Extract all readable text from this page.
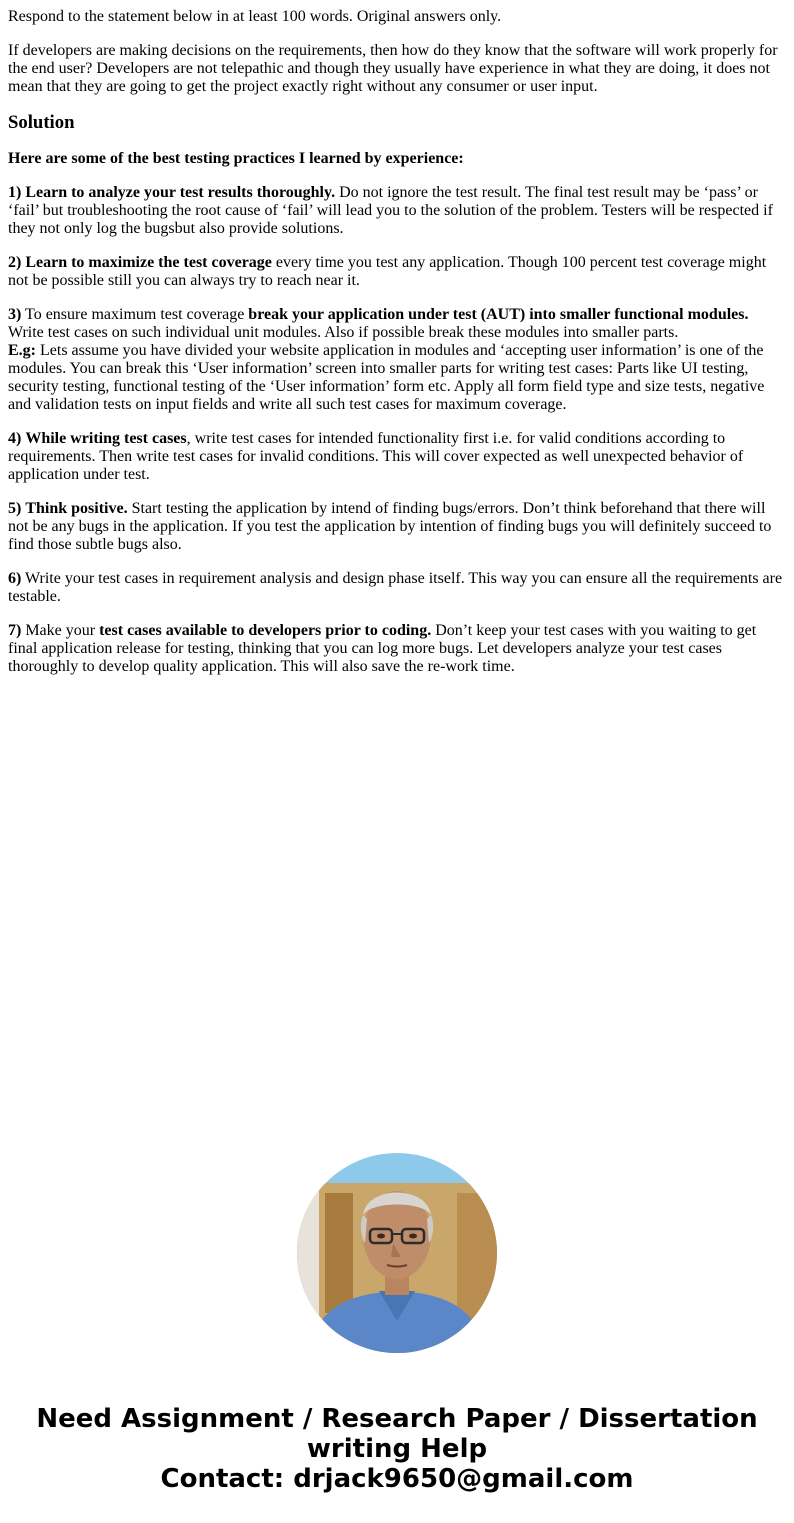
Respond to the statement below in at least 100 words. Original answers only.

If developers are making decisions on the requirements, then how do they know that the software will work properly for the end user? Developers are not telepathic and though they usually have experience in what they are doing, it does not mean that they are going to get the project exactly right without any consumer or user input.

Solution

Here are some of the best testing practices I learned by experience:

1) Learn to analyze your test results thoroughly. Do not ignore the test result. The final test result may be ‘pass’ or ‘fail’ but troubleshooting the root cause of ‘fail’ will lead you to the solution of the problem. Testers will be respected if they not only log the bugsbut also provide solutions.

2) Learn to maximize the test coverage every time you test any application. Though 100 percent test coverage might not be possible still you can always try to reach near it.

3) To ensure maximum test coverage break your application under test (AUT) into smaller functional modules.
Write test cases on such individual unit modules. Also if possible break these modules into smaller parts.
E.g: Lets assume you have divided your website application in modules and ‘accepting user information’ is one of the modules. You can break this ‘User information’ screen into smaller parts for writing test cases: Parts like UI testing, security testing, functional testing of the ‘User information’ form etc. Apply all form field type and size tests, negative and validation tests on input fields and write all such test cases for maximum coverage.

4) While writing test cases, write test cases for intended functionality first i.e. for valid conditions according to requirements. Then write test cases for invalid conditions. This will cover expected as well unexpected behavior of application under test.

5) Think positive. Start testing the application by intend of finding bugs/errors. Don’t think beforehand that there will not be any bugs in the application. If you test the application by intention of finding bugs you will definitely succeed to find those subtle bugs also.

6) Write your test cases in requirement analysis and design phase itself. This way you can ensure all the requirements are testable.

7) Make your test cases available to developers prior to coding. Don’t keep your test cases with you waiting to get final application release for testing, thinking that you can log more bugs. Let developers analyze your test cases thoroughly to develop quality application. This will also save the re-work time.

Need Assignment / Research Paper / Dissertation
writing Help
Contact: drjack9650@gmail.com
